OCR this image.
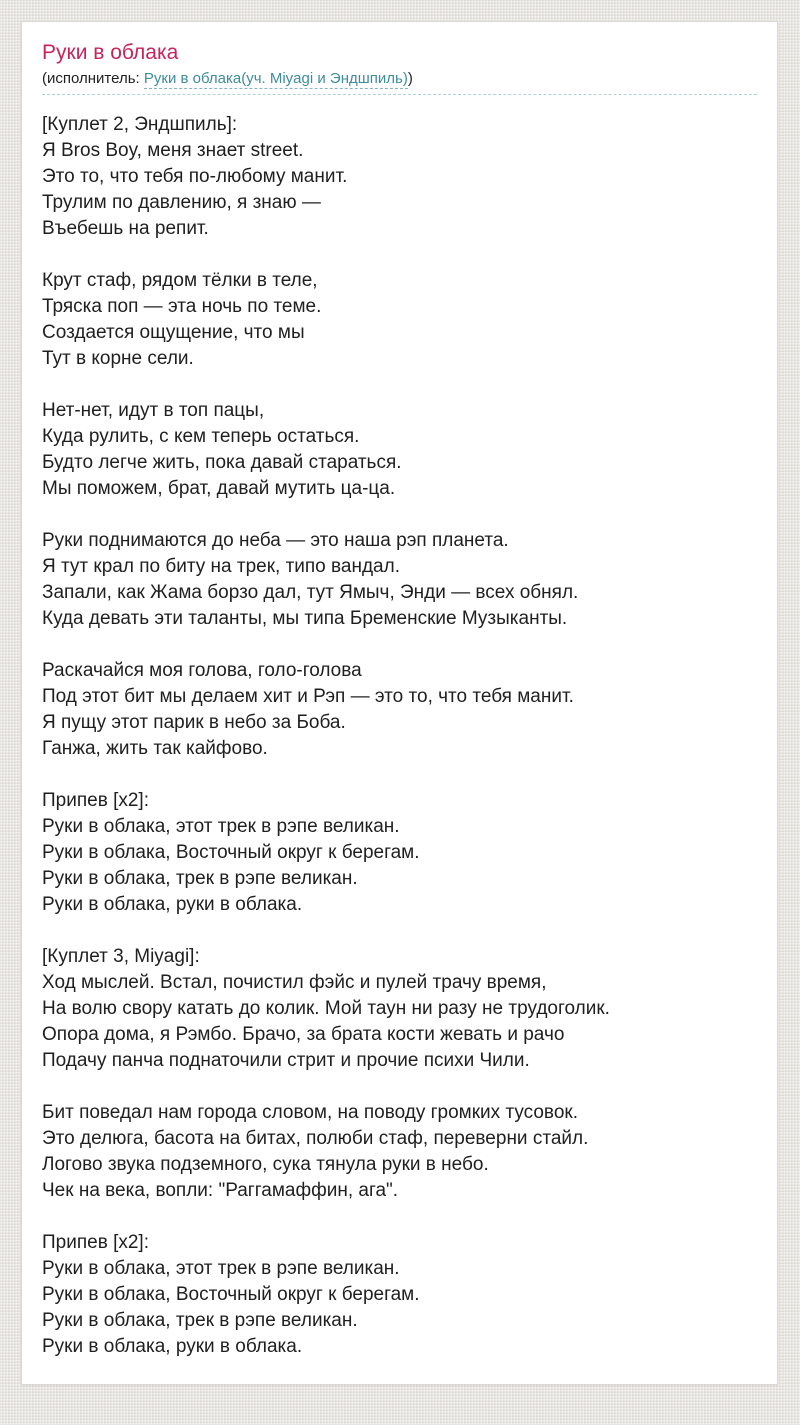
Руки в облака

(исполнитель: Руки в облака(уч. Miyagi и Эндшпиль))

[Куплет 2, Эндшпиль]:
Я Bros Boy, меня знает street.
Это то, что тебя по-любому манит.
Трулим по давлению, я знаю —
Въебешь на репит.
Крут стаф, рядом тёлки в теле,
Тряска поп — эта ночь по теме.
Создается ощущение, что мы
Тут в корне сели.
Нет-нет, идут в топ пацы,
Куда рулить, с кем теперь остаться.
Будто легче жить, пока давай стараться.
Мы поможем, брат, давай мутить ца-ца.
Руки поднимаются до неба — это наша рэп планета.
Я тут крал по биту на трек, типо вандал.
Запали, как Жама борзо дал, тут Ямыч, Энди — всех обнял.
Куда девать эти таланты, мы типа Бременские Музыканты.
Раскачайся моя голова, голо-голова
Под этот бит мы делаем хит и Рэп — это то, что тебя манит.
Я пущу этот парик в небо за Боба.
Ганжа, жить так кайфово.
Припев [x2]:
Руки в облака, этот трек в рэпе великан.
Руки в облака, Восточный округ к берегам.
Руки в облака, трек в рэпе великан.
Руки в облака, руки в облака.
[Куплет 3, Miyagi]:
Ход мыслей. Встал, почистил фэйс и пулей трачу время,
На волю свору катать до колик. Мой таун ни разу не трудоголик.
Опора дома, я Рэмбо. Брачо, за брата кости жевать и рачо
Подачу панча поднаточили стрит и прочие психи Чили.
Бит поведал нам города словом, на поводу громких тусовок.
Это делюга, басота на битах, полюби стаф, переверни стайл.
Логово звука подземного, сука тянула руки в небо.
Чек на века, вопли: "Раггамаффин, ага".
Припев [x2]:
Руки в облака, этот трек в рэпе великан.
Руки в облака, Восточный округ к берегам.
Руки в облака, трек в рэпе великан.
Руки в облака, руки в облака.
